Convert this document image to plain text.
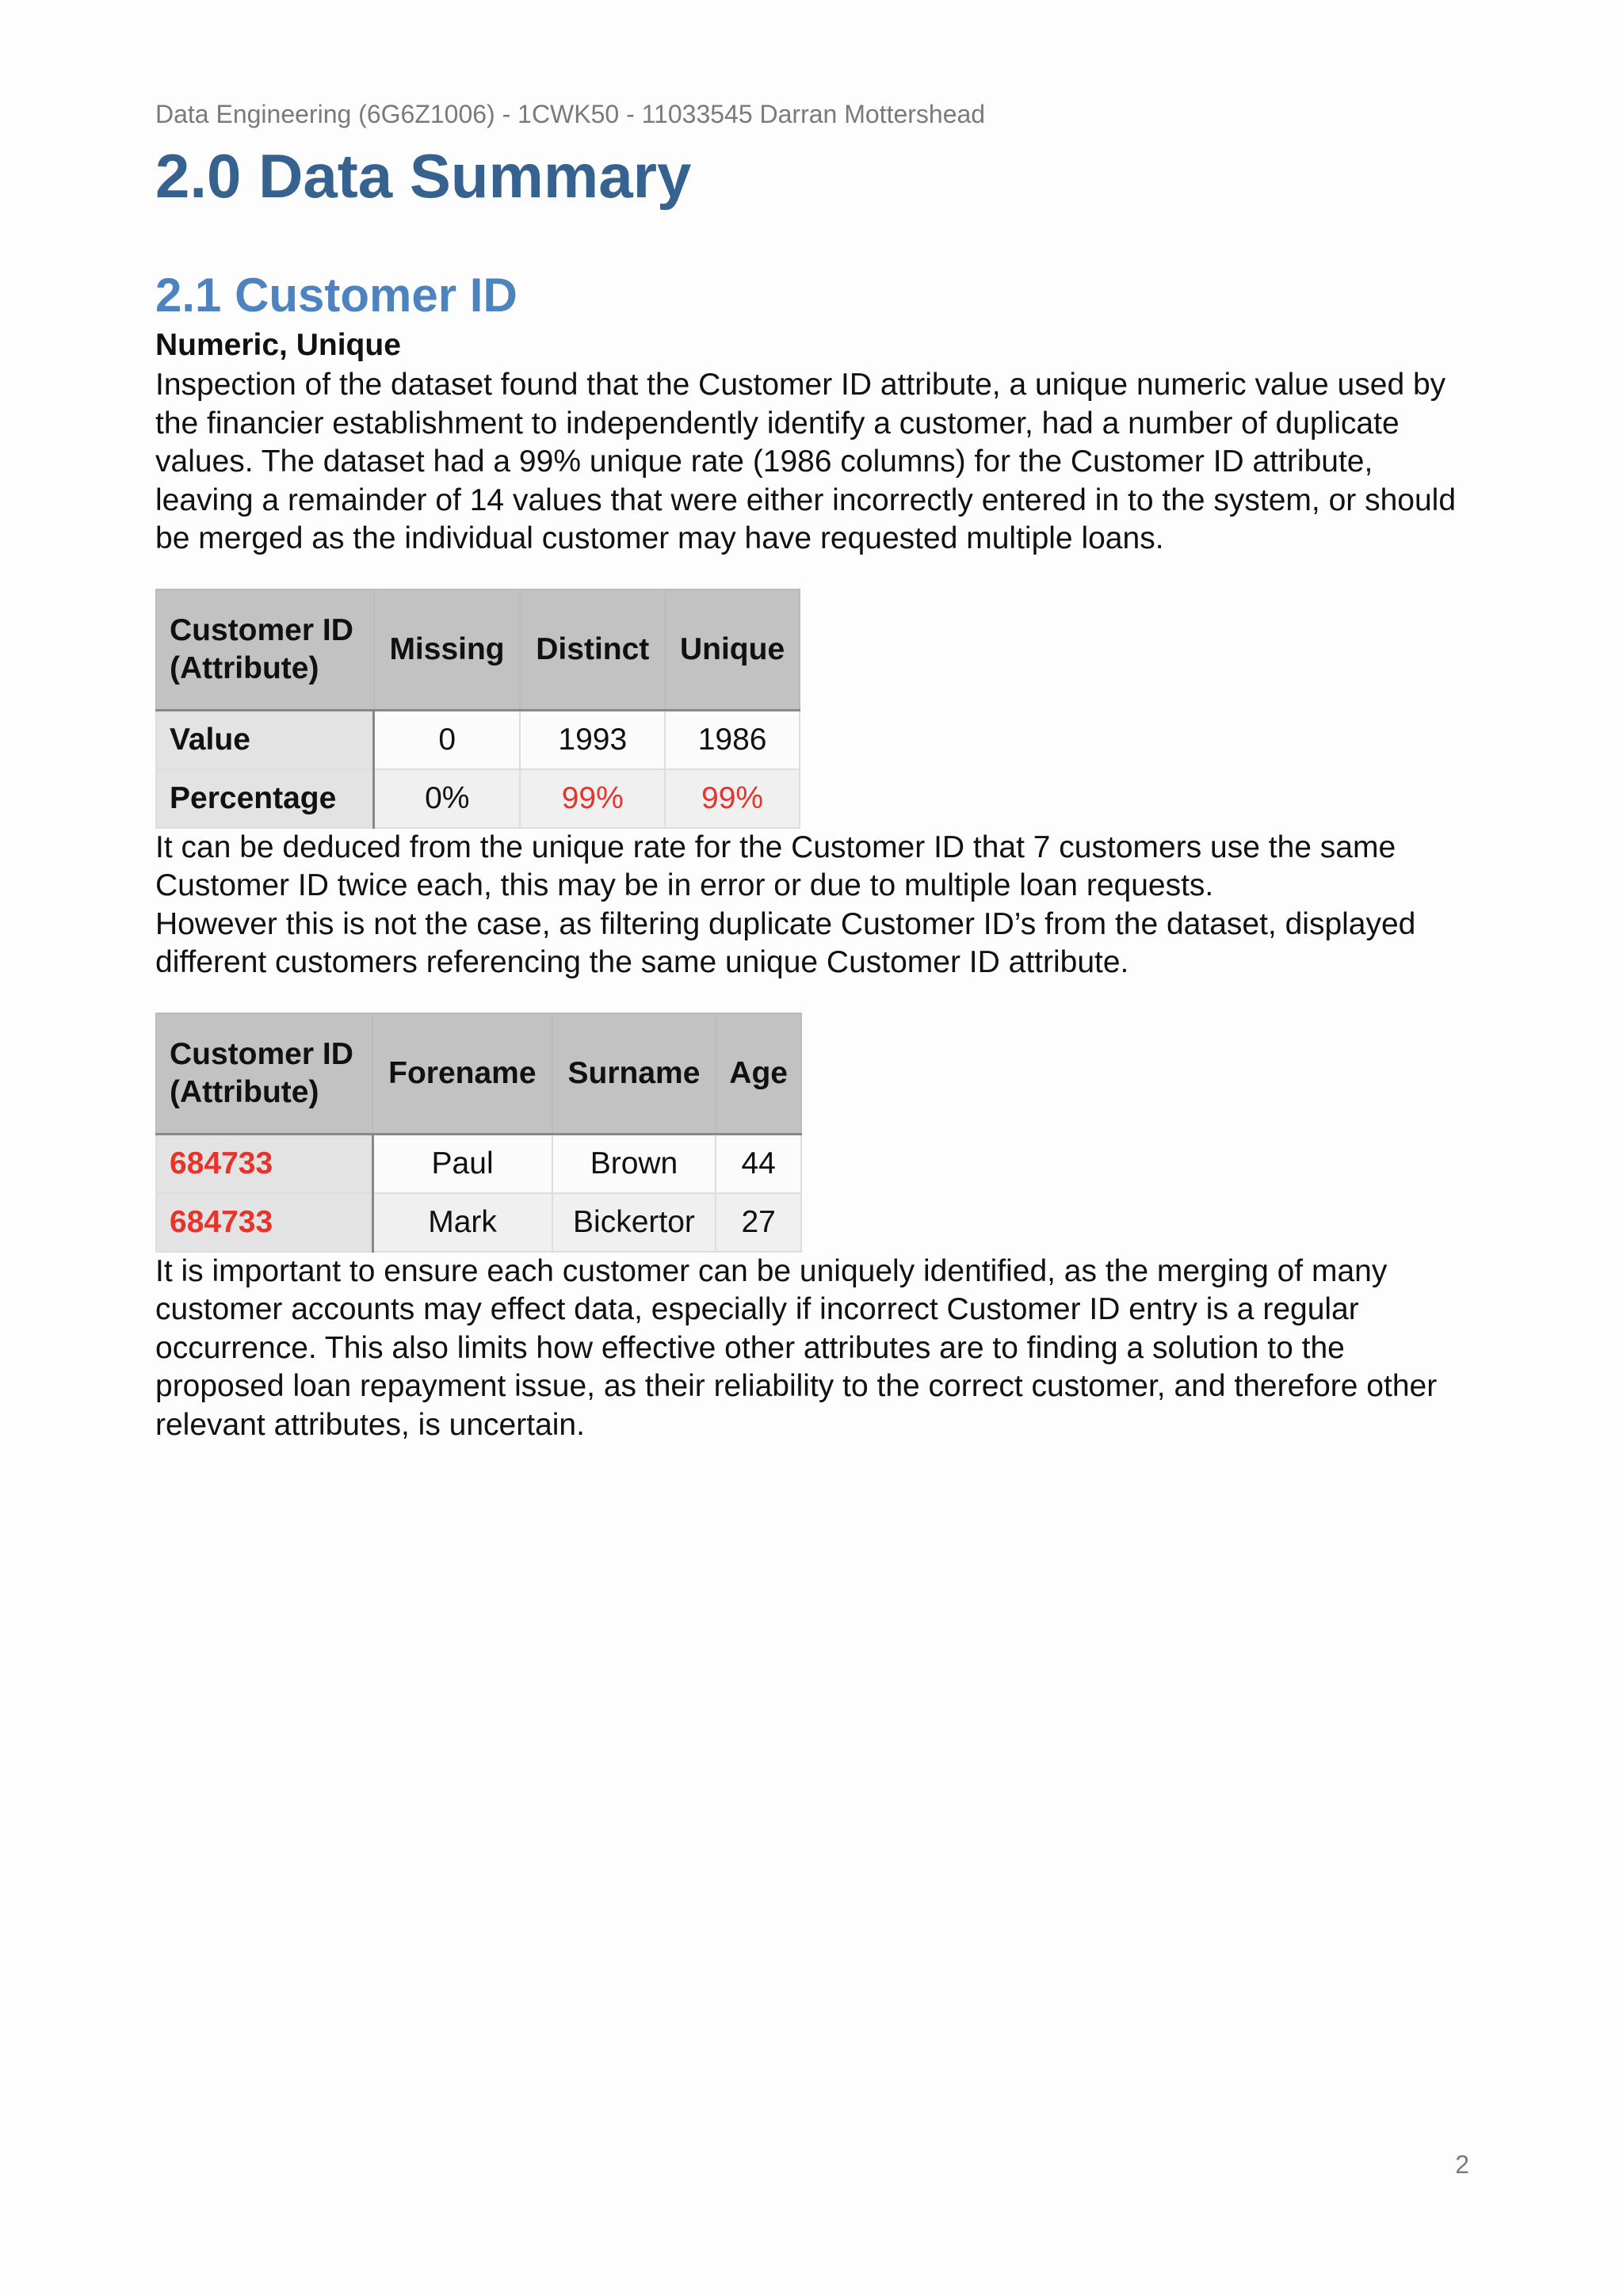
Data Engineering (6G6Z1006) - 1CWK50 - 11033545 Darran Mottershead

2.0 Data Summary
2.1 Customer ID

Numeric, Unique

Inspection of the dataset found that the Customer ID attribute, a unique numeric value used by the financier establishment to independently identify a customer, had a number of duplicate values. The dataset had a 99% unique rate (1986 columns) for the Customer ID attribute, leaving a remainder of 14 values that were either incorrectly entered in to the system, or should be merged as the individual customer may have requested multiple loans.

Customer ID
(Attribute)	Missing	Distinct	Unique
Value	0	1993	1986
Percentage	0%	99%	99%

It can be deduced from the unique rate for the Customer ID that 7 customers use the same Customer ID twice each, this may be in error or due to multiple loan requests.

However this is not the case, as filtering duplicate Customer ID’s from the dataset, displayed different customers referencing the same unique Customer ID attribute.

Customer ID
(Attribute)	Forename	Surname	Age
684733	Paul	Brown	44
684733	Mark	Bickertor	27

It is important to ensure each customer can be uniquely identified, as the merging of many customer accounts may effect data, especially if incorrect Customer ID entry is a regular occurrence. This also limits how effective other attributes are to finding a solution to the proposed loan repayment issue, as their reliability to the correct customer, and therefore other relevant attributes, is uncertain.

2
